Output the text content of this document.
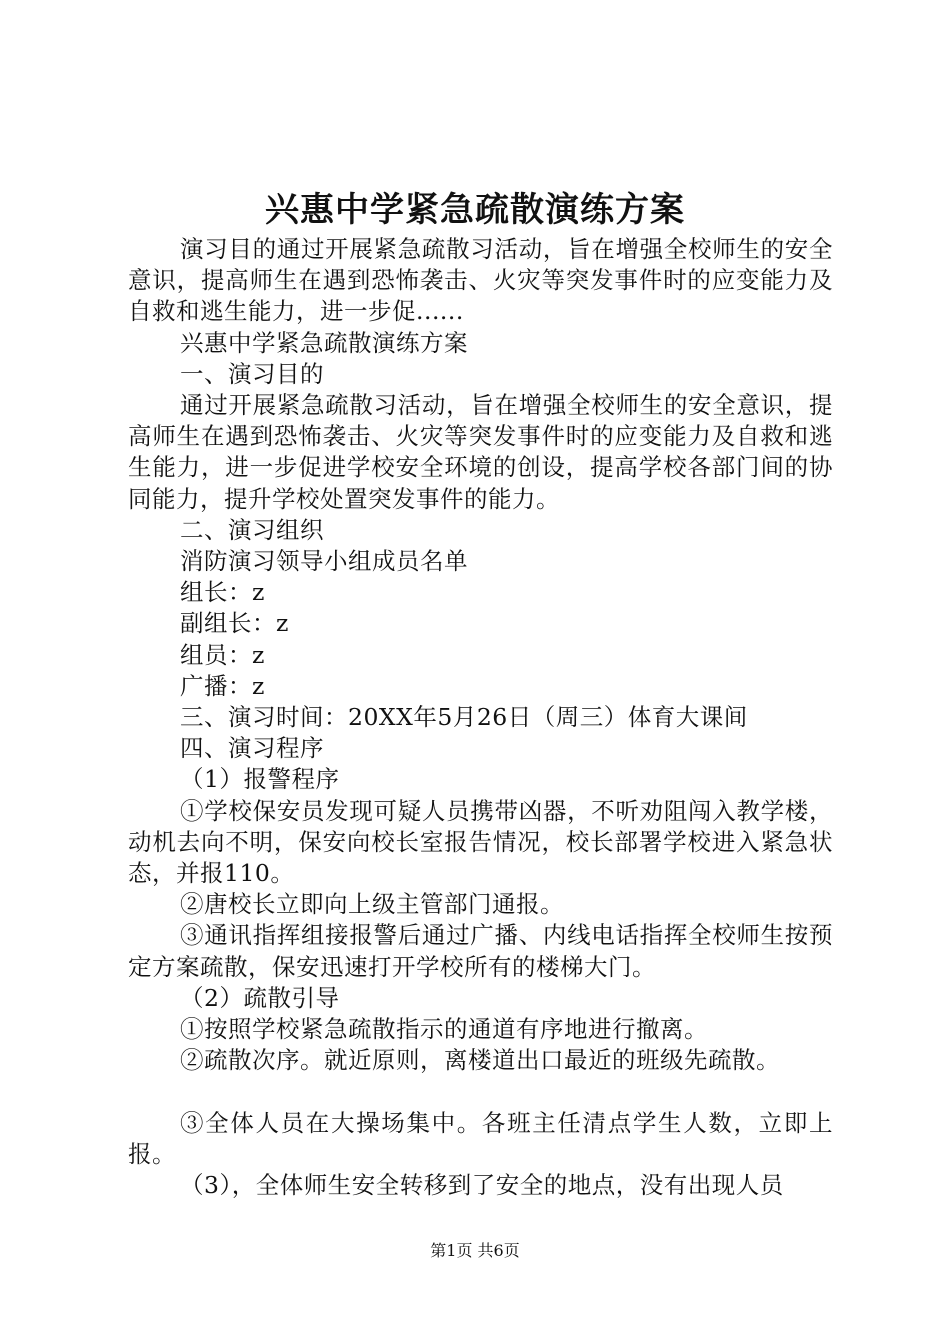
兴惠中学紧急疏散演练方案

演习目的通过开展紧急疏散习活动，旨在增强全校师生的安全意识，提高师生在遇到恐怖袭击、火灾等突发事件时的应变能力及自救和逃生能力，进一步促......

兴惠中学紧急疏散演练方案

一、演习目的

通过开展紧急疏散习活动，旨在增强全校师生的安全意识，提高师生在遇到恐怖袭击、火灾等突发事件时的应变能力及自救和逃生能力，进一步促进学校安全环境的创设，提高学校各部门间的协同能力，提升学校处置突发事件的能力。

二、演习组织

消防演习领导小组成员名单

组长：z

副组长：z

组员：z

广播：z

三、演习时间：20XX年5月26日（周三）体育大课间

四、演习程序

（1）报警程序

①学校保安员发现可疑人员携带凶器，不听劝阻闯入教学楼，动机去向不明，保安向校长室报告情况，校长部署学校进入紧急状态，并报110。

②唐校长立即向上级主管部门通报。

③通讯指挥组接报警后通过广播、内线电话指挥全校师生按预定方案疏散，保安迅速打开学校所有的楼梯大门。

（2）疏散引导

①按照学校紧急疏散指示的通道有序地进行撤离。

②疏散次序。就近原则，离楼道出口最近的班级先疏散。

③全体人员在大操场集中。各班主任清点学生人数，立即上报。

（3），全体师生安全转移到了安全的地点，没有出现人员

第1页 共6页
